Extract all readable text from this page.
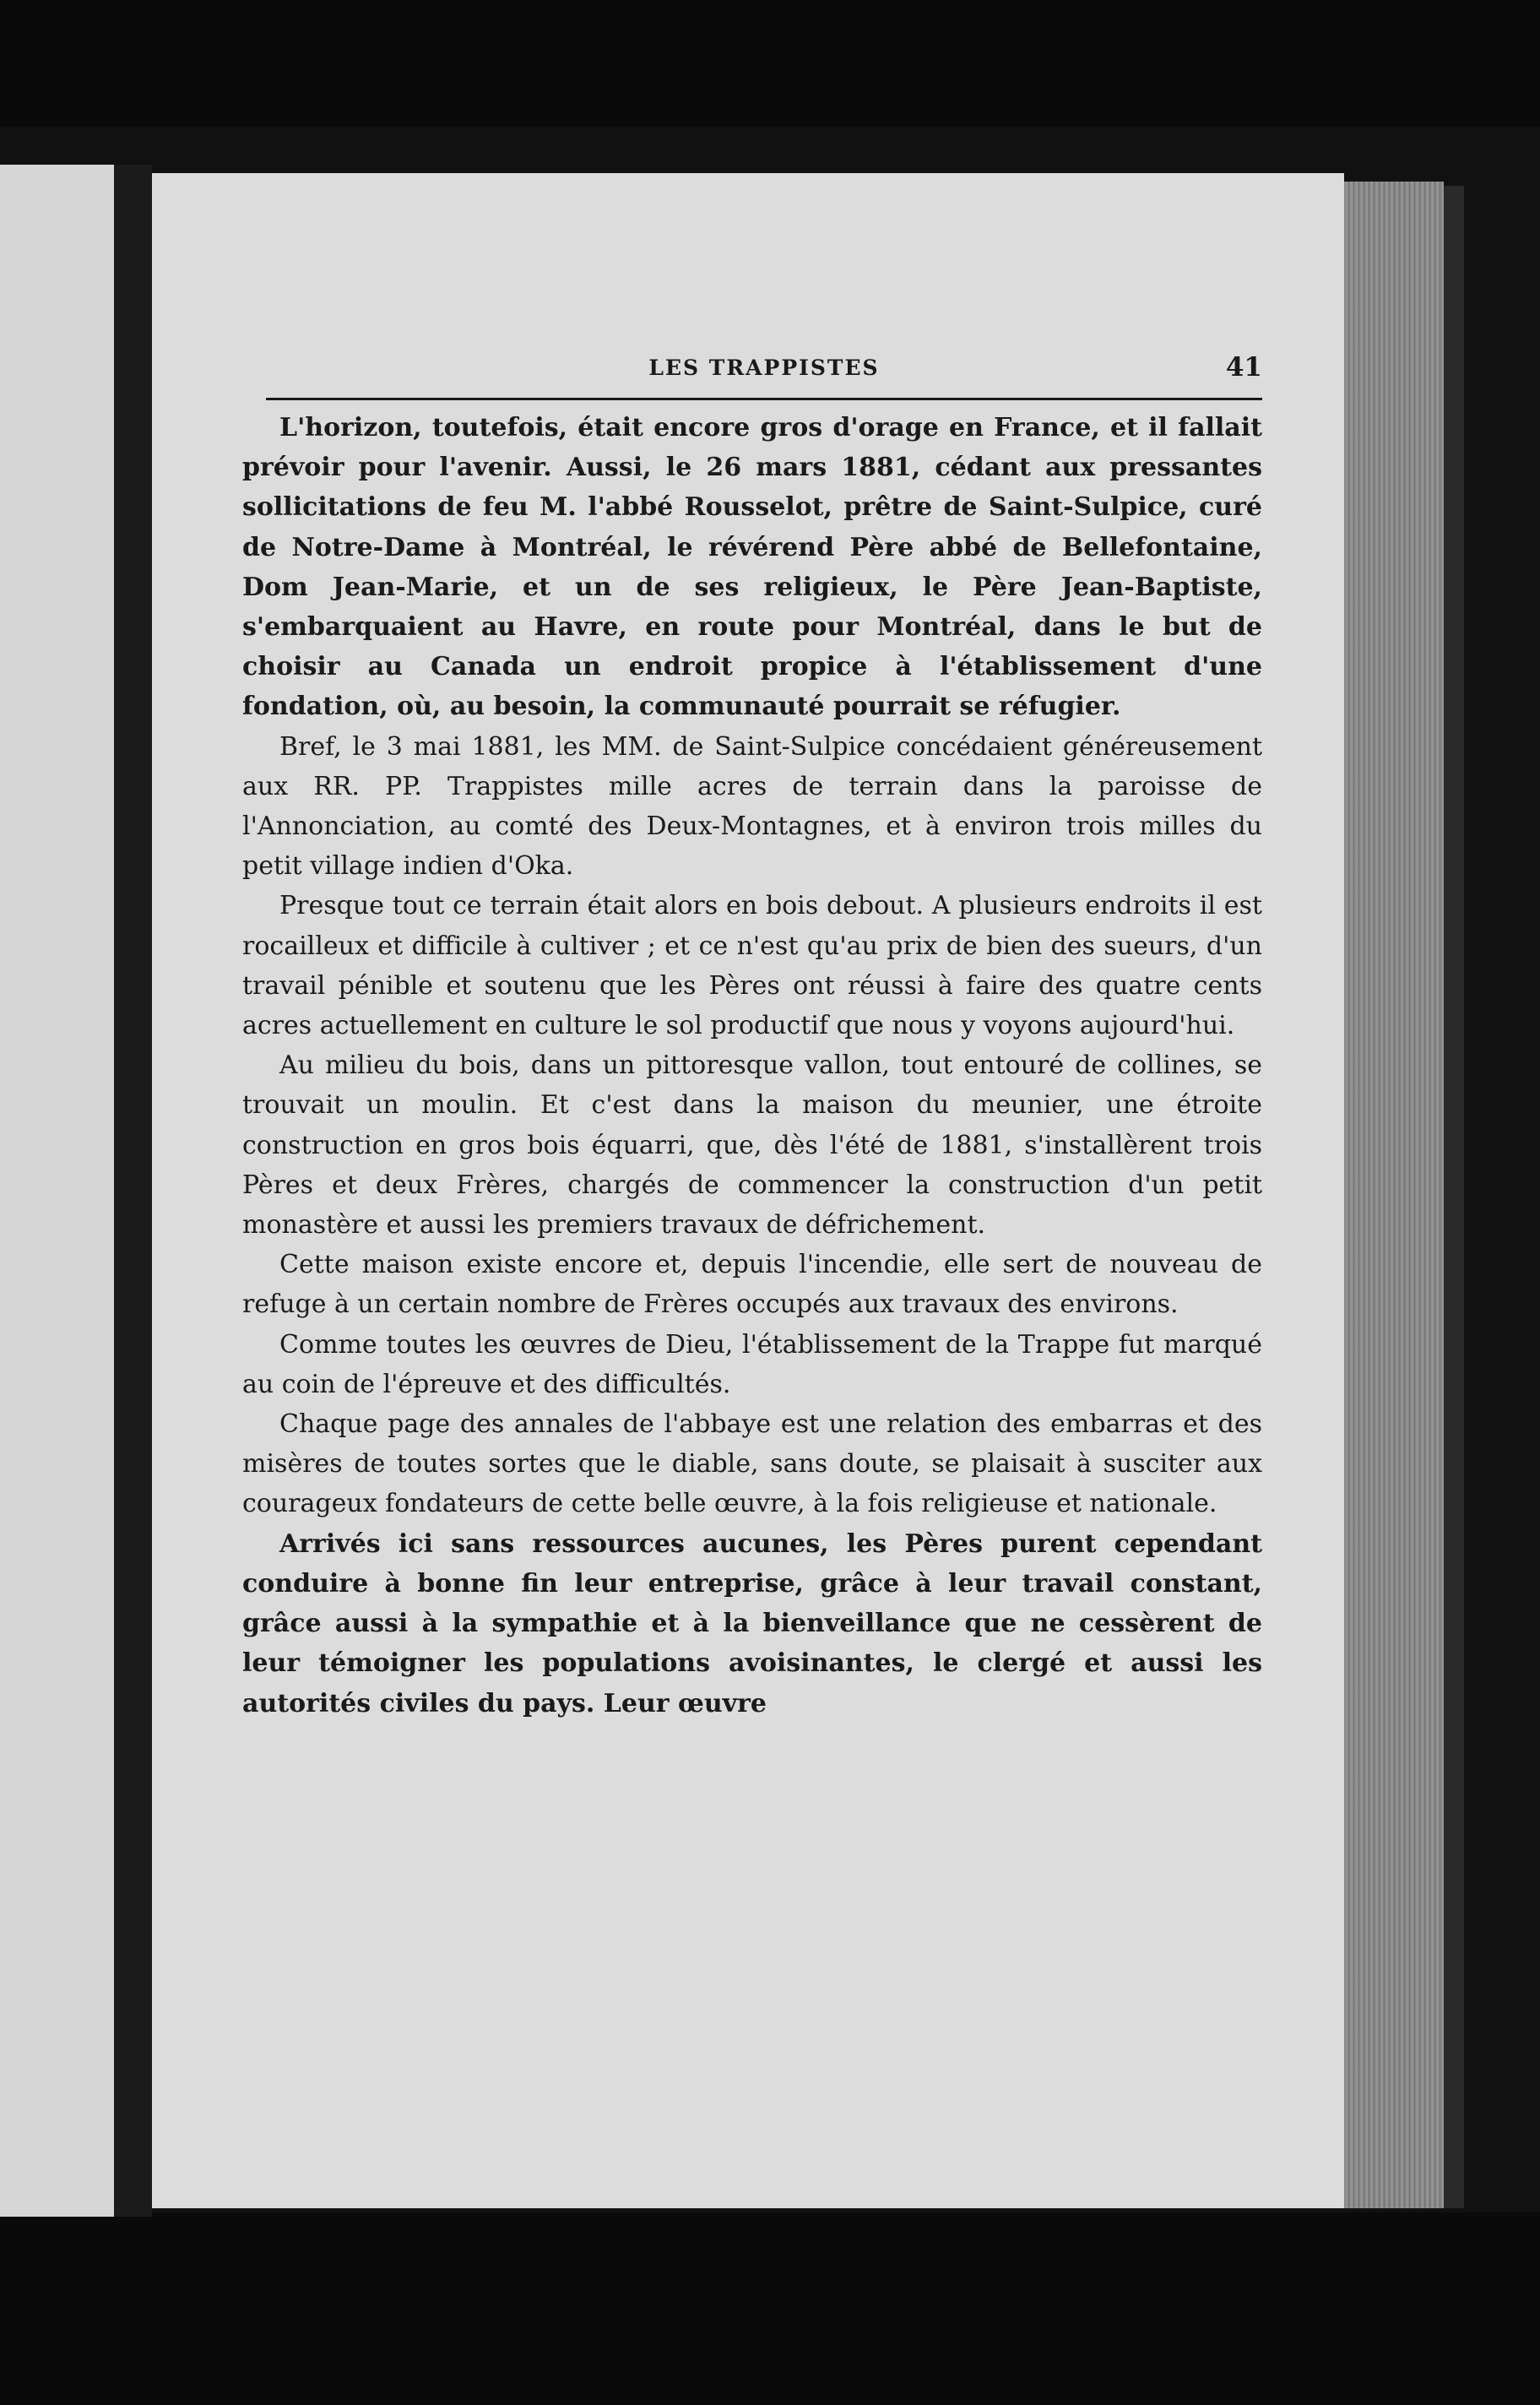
LES TRAPPISTES	41

L'horizon, toutefois, était encore gros d'orage en France, et il fallait prévoir pour l'avenir. Aussi, le 26 mars 1881, cédant aux pressantes sollicitations de feu M. l'abbé Rousselot, prêtre de Saint-Sulpice, curé de Notre-Dame à Montréal, le révérend Père abbé de Bellefontaine, Dom Jean-Marie, et un de ses religieux, le Père Jean-Baptiste, s'embarquaient au Havre, en route pour Montréal, dans le but de choisir au Canada un endroit propice à l'établissement d'une fondation, où, au besoin, la communauté pourrait se réfugier.

Bref, le 3 mai 1881, les MM. de Saint-Sulpice concédaient généreusement aux RR. PP. Trappistes mille acres de terrain dans la paroisse de l'Annonciation, au comté des Deux-Montagnes, et à environ trois milles du petit village indien d'Oka.

Presque tout ce terrain était alors en bois debout. A plusieurs endroits il est rocailleux et difficile à cultiver ; et ce n'est qu'au prix de bien des sueurs, d'un travail pénible et soutenu que les Pères ont réussi à faire des quatre cents acres actuellement en culture le sol productif que nous y voyons aujourd'hui.

Au milieu du bois, dans un pittoresque vallon, tout entouré de collines, se trouvait un moulin. Et c'est dans la maison du meunier, une étroite construction en gros bois équarri, que, dès l'été de 1881, s'installèrent trois Pères et deux Frères, chargés de commencer la construction d'un petit monastère et aussi les premiers travaux de défrichement.

Cette maison existe encore et, depuis l'incendie, elle sert de nouveau de refuge à un certain nombre de Frères occupés aux travaux des environs.

Comme toutes les œuvres de Dieu, l'établissement de la Trappe fut marqué au coin de l'épreuve et des difficultés.

Chaque page des annales de l'abbaye est une relation des embarras et des misères de toutes sortes que le diable, sans doute, se plaisait à susciter aux courageux fondateurs de cette belle œuvre, à la fois religieuse et nationale.

Arrivés ici sans ressources aucunes, les Pères purent cependant conduire à bonne fin leur entreprise, grâce à leur travail constant, grâce aussi à la sympathie et à la bienveillance que ne cessèrent de leur témoigner les populations avoisinantes, le clergé et aussi les autorités civiles du pays. Leur œuvre
